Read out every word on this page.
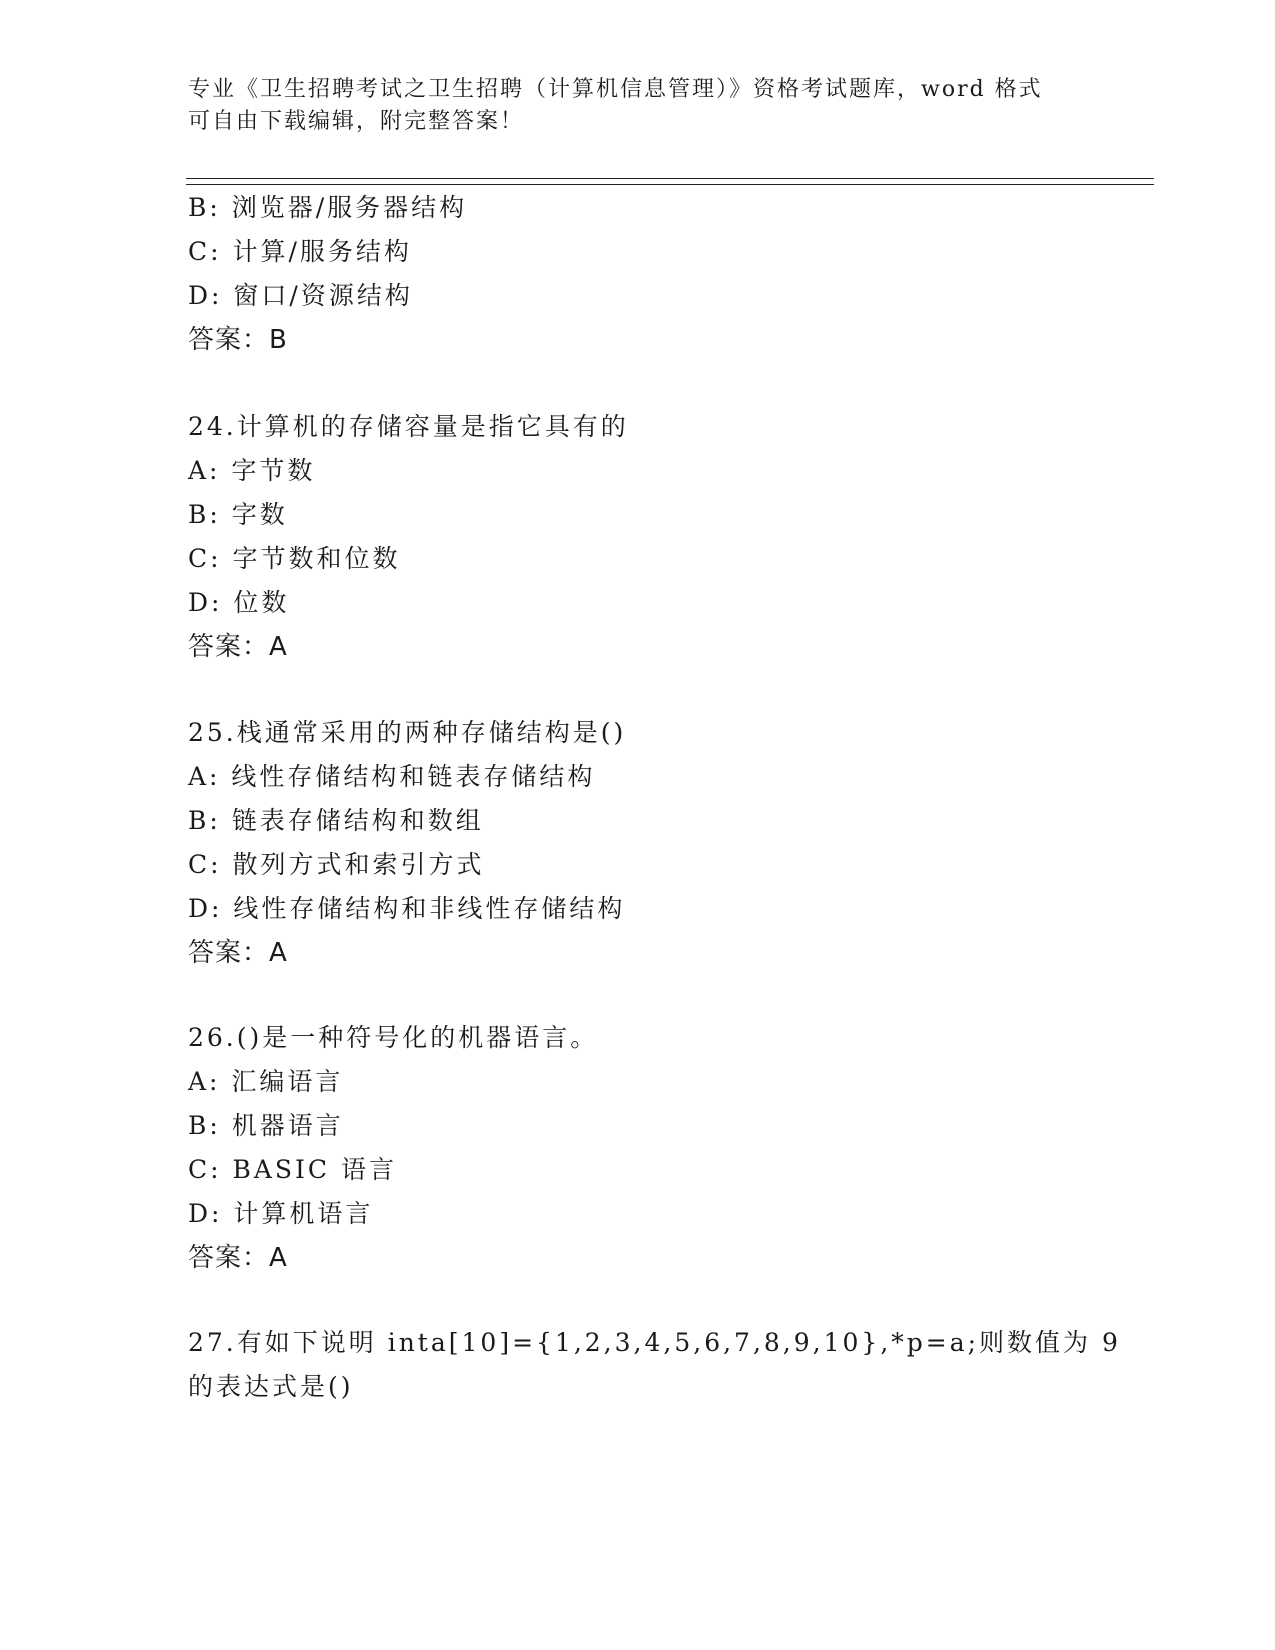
专业《卫生招聘考试之卫生招聘（计算机信息管理）》资格考试题库，word 格式
可自由下载编辑，附完整答案！
B: 浏览器/服务器结构
C: 计算/服务结构
D: 窗口/资源结构
答案：B
24.计算机的存储容量是指它具有的
A: 字节数
B: 字数
C: 字节数和位数
D: 位数
答案：A
25.栈通常采用的两种存储结构是()
A: 线性存储结构和链表存储结构
B: 链表存储结构和数组
C: 散列方式和索引方式
D: 线性存储结构和非线性存储结构
答案：A
26.()是一种符号化的机器语言。
A: 汇编语言
B: 机器语言
C: BASIC 语言
D: 计算机语言
答案：A
27.有如下说明 inta[10]={1,2,3,4,5,6,7,8,9,10},*p=a;则数值为 9
的表达式是()
